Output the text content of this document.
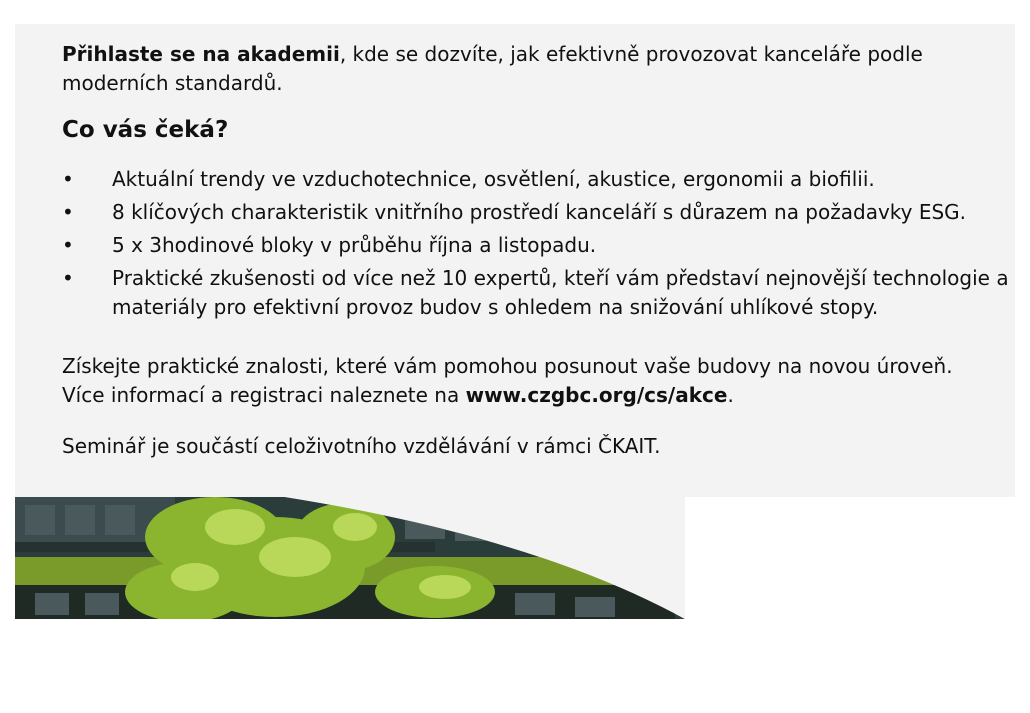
Přihlaste se na akademii, kde se dozvíte, jak efektivně provozovat kanceláře podle moderních standardů.
Co vás čeká?
• Aktuální trendy ve vzduchotechnice, osvětlení, akustice, ergonomii a biofilii.
• 8 klíčových charakteristik vnitřního prostředí kanceláří s důrazem na požadavky ESG.
• 5 x 3hodinové bloky v průběhu října a listopadu.
• Praktické zkušenosti od více než 10 expertů, kteří vám představí nejnovější technologie a materiály pro efektivní provoz budov s ohledem na snižování uhlíkové stopy.
Získejte praktické znalosti, které vám pomohou posunout vaše budovy na novou úroveň.
Více informací a registraci naleznete na www.czgbc.org/cs/akce.
Seminář je součástí celoživotního vzdělávání v rámci ČKAIT.
